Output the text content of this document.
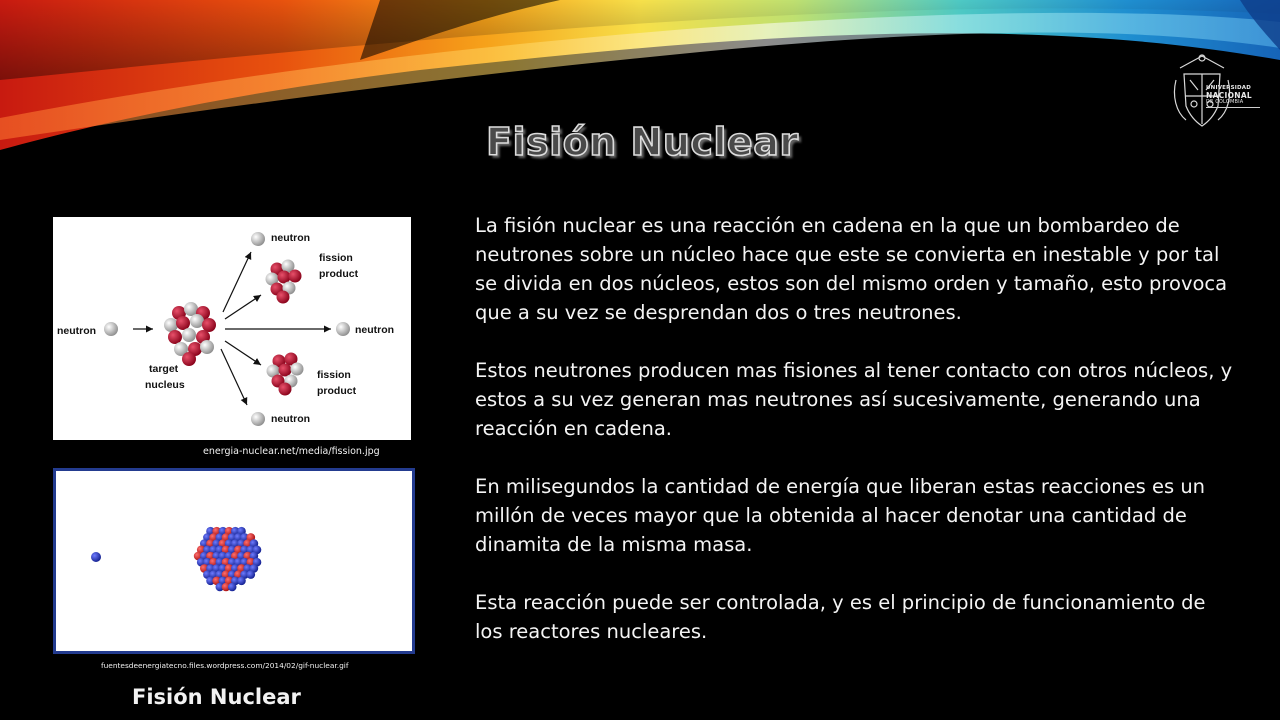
UNIVERSIDAD
NACIONAL
DE COLOMBIA
Fisión Nuclear
neutron
fission
product
neutron	neutron
target
nucleus
fission
product
neutron
energia-nuclear.net/media/fission.jpg
fuentesdeenergiatecno.files.wordpress.com/2014/02/gif-nuclear.gif
Fisión Nuclear

La fisión nuclear es una reacción en cadena en la que un bombardeo de neutrones sobre un núcleo hace que este se convierta en inestable y por tal se divida en dos núcleos, estos son del mismo orden y tamaño, esto provoca que a su vez se desprendan dos o tres neutrones.

Estos neutrones producen mas fisiones al tener contacto con otros núcleos, y estos a su vez generan mas neutrones así sucesivamente, generando una reacción en cadena.

En milisegundos la cantidad de energía que liberan estas reacciones es un millón de veces mayor que la obtenida al hacer denotar una cantidad de dinamita de la misma masa.

Esta reacción puede ser controlada, y es el principio de funcionamiento de los reactores nucleares.
